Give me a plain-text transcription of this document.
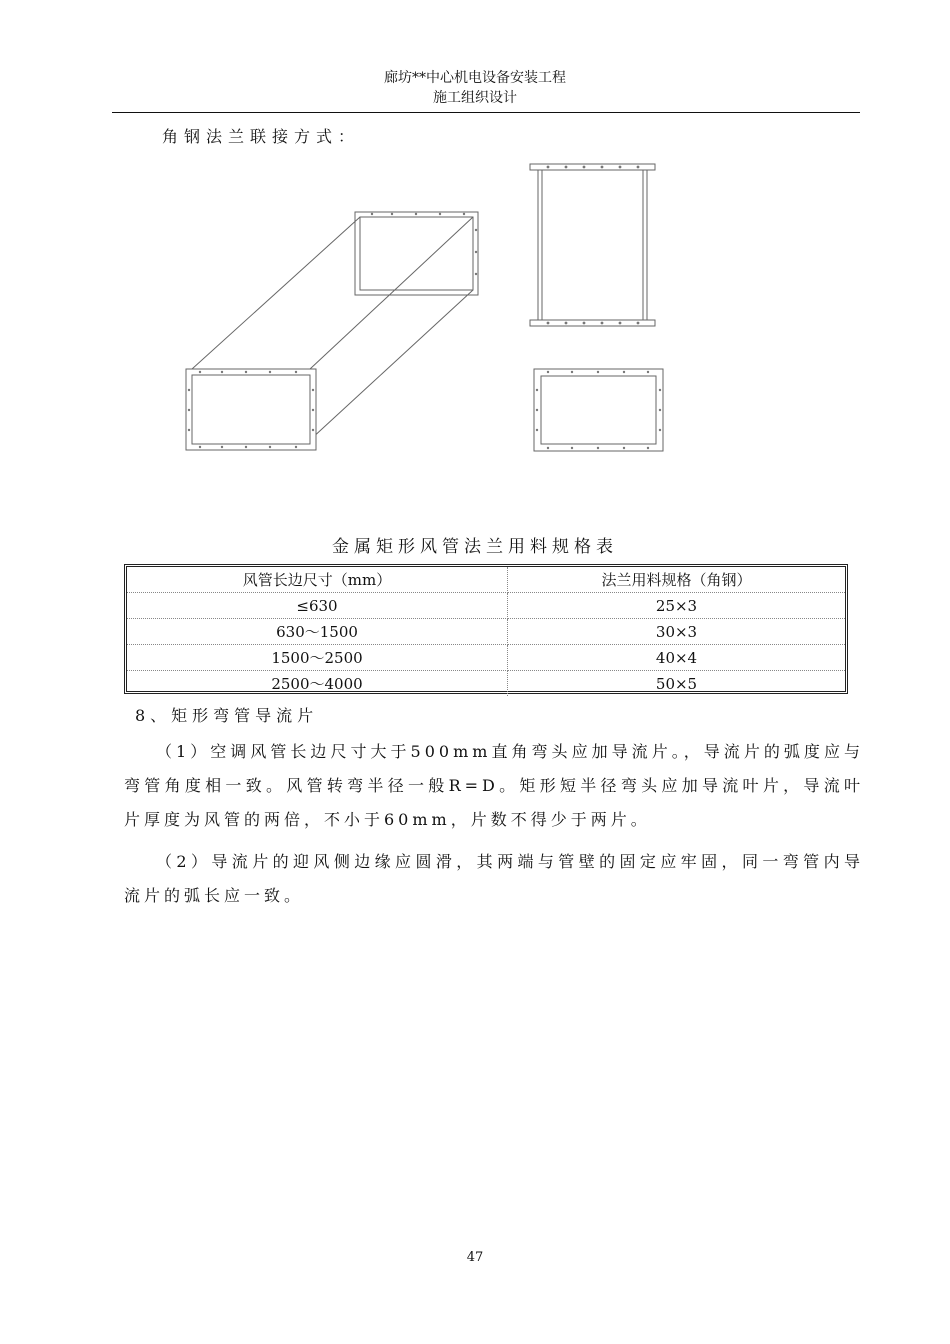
廊坊**中心机电设备安装工程
施工组织设计
角钢法兰联接方式：
金属矩形风管法兰用料规格表
风管长边尺寸（mm）	法兰用料规格（角钢）
≤630	25×3
630～1500	30×3
1500～2500	40×4
2500～4000	50×5
8、矩形弯管导流片
（1）空调风管长边尺寸大于500mm直角弯头应加导流片。，导流片的弧度应与弯管角度相一致。风管转弯半径一般R=D。矩形短半径弯头应加导流叶片，导流叶片厚度为风管的两倍，不小于60mm，片数不得少于两片。
（2）导流片的迎风侧边缘应圆滑，其两端与管壁的固定应牢固，同一弯管内导流片的弧长应一致。
47
